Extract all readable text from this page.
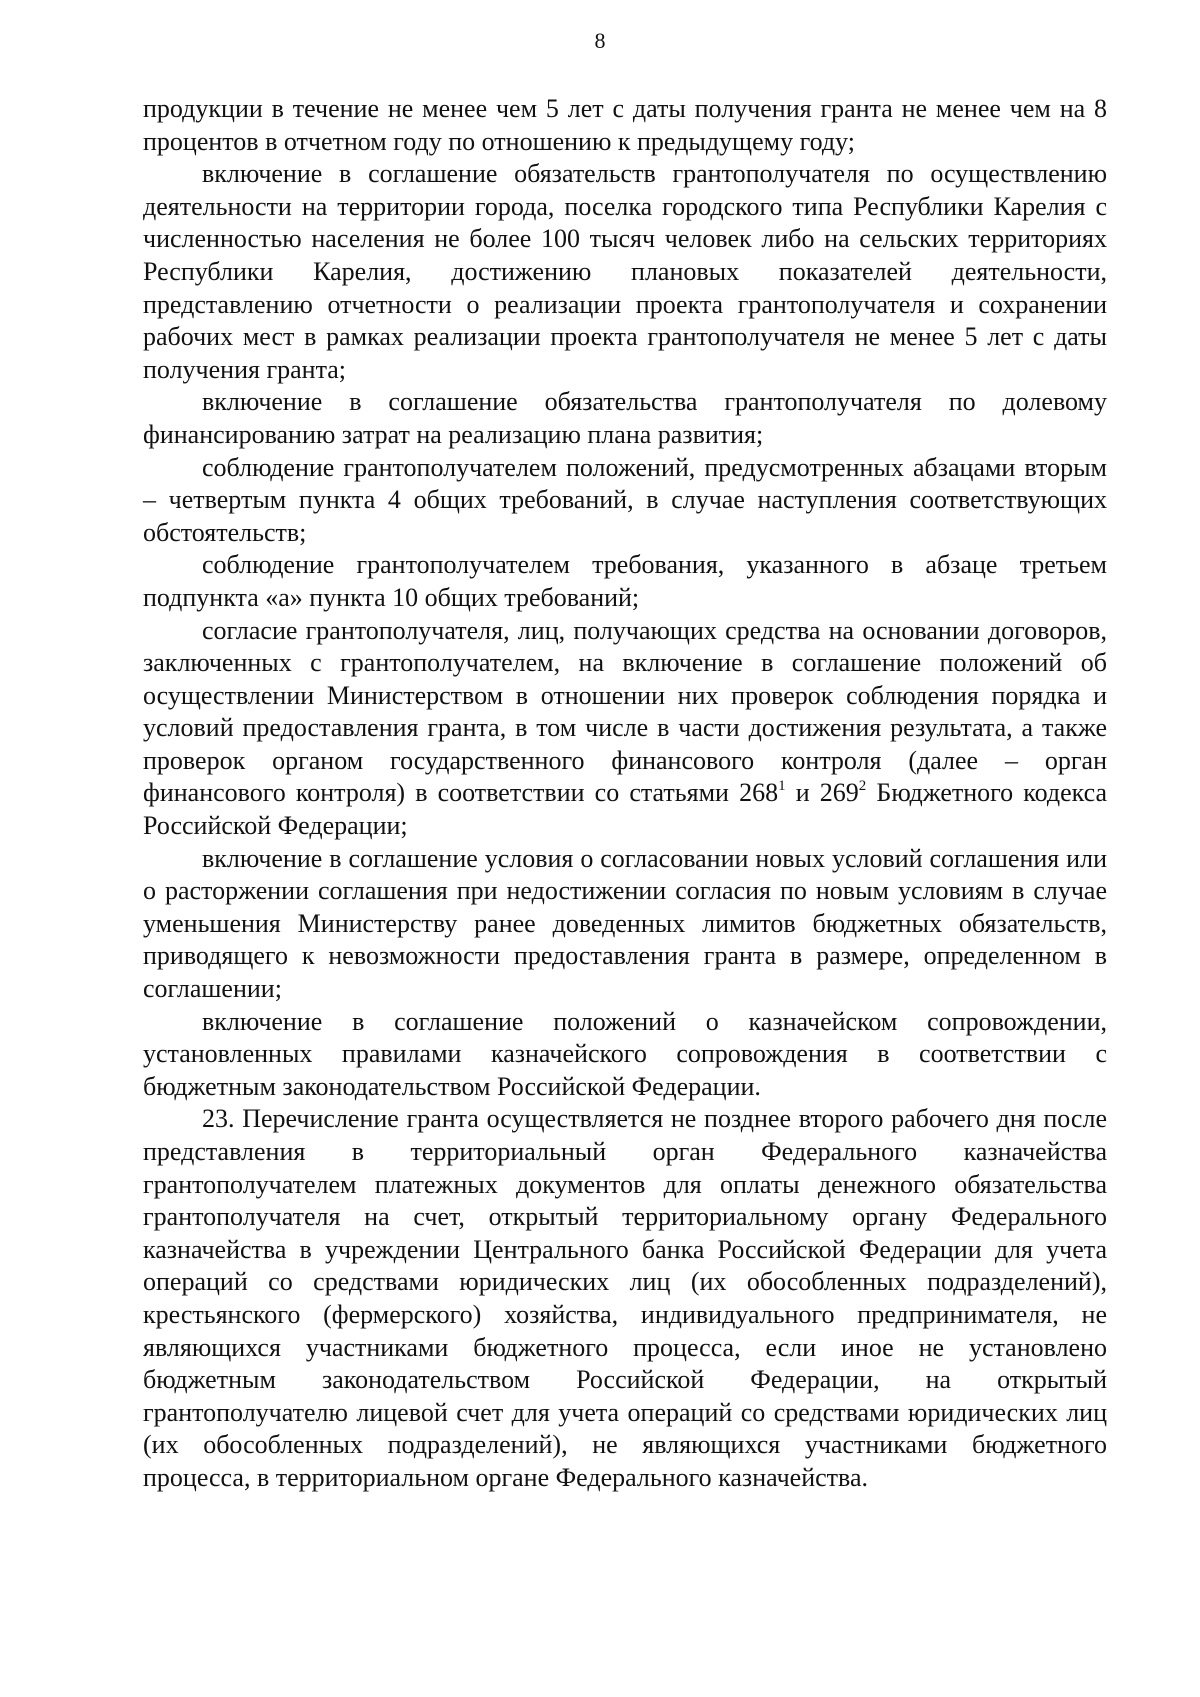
8

продукции в течение не менее чем 5 лет с даты получения гранта не менее чем на 8 процентов в отчетном году по отношению к предыдущему году;

включение в соглашение обязательств грантополучателя по осуществлению деятельности на территории города, поселка городского типа Республики Карелия с численностью населения не более 100 тысяч человек либо на сельских территориях Республики Карелия, достижению плановых показателей деятельности, представлению отчетности о реализации проекта грантополучателя и сохранении рабочих мест в рамках реализации проекта грантополучателя не менее 5 лет с даты получения гранта;

включение в соглашение обязательства грантополучателя по долевому финансированию затрат на реализацию плана развития;

соблюдение грантополучателем положений, предусмотренных абзацами вторым – четвертым пункта 4 общих требований, в случае наступления соответствующих обстоятельств;

соблюдение грантополучателем требования, указанного в абзаце третьем подпункта «а» пункта 10 общих требований;

согласие грантополучателя, лиц, получающих средства на основании договоров, заключенных с грантополучателем, на включение в соглашение положений об осуществлении Министерством в отношении них проверок соблюдения порядка и условий предоставления гранта, в том числе в части достижения результата, а также проверок органом государственного финансового контроля (далее – орган финансового контроля) в соответствии со статьями $268^1$ и $269^2$ Бюджетного кодекса Российской Федерации;

включение в соглашение условия о согласовании новых условий соглашения или о расторжении соглашения при недостижении согласия по новым условиям в случае уменьшения Министерству ранее доведенных лимитов бюджетных обязательств, приводящего к невозможности предоставления гранта в размере, определенном в соглашении;

включение в соглашение положений о казначейском сопровождении, установленных правилами казначейского сопровождения в соответствии с бюджетным законодательством Российской Федерации.

23. Перечисление гранта осуществляется не позднее второго рабочего дня после представления в территориальный орган Федерального казначейства грантополучателем платежных документов для оплаты денежного обязательства грантополучателя на счет, открытый территориальному органу Федерального казначейства в учреждении Центрального банка Российской Федерации для учета операций со средствами юридических лиц (их обособленных подразделений), крестьянского (фермерского) хозяйства, индивидуального предпринимателя, не являющихся участниками бюджетного процесса, если иное не установлено бюджетным законодательством Российской Федерации, на открытый грантополучателю лицевой счет для учета операций со средствами юридических лиц (их обособленных подразделений), не являющихся участниками бюджетного процесса, в территориальном органе Федерального казначейства.
